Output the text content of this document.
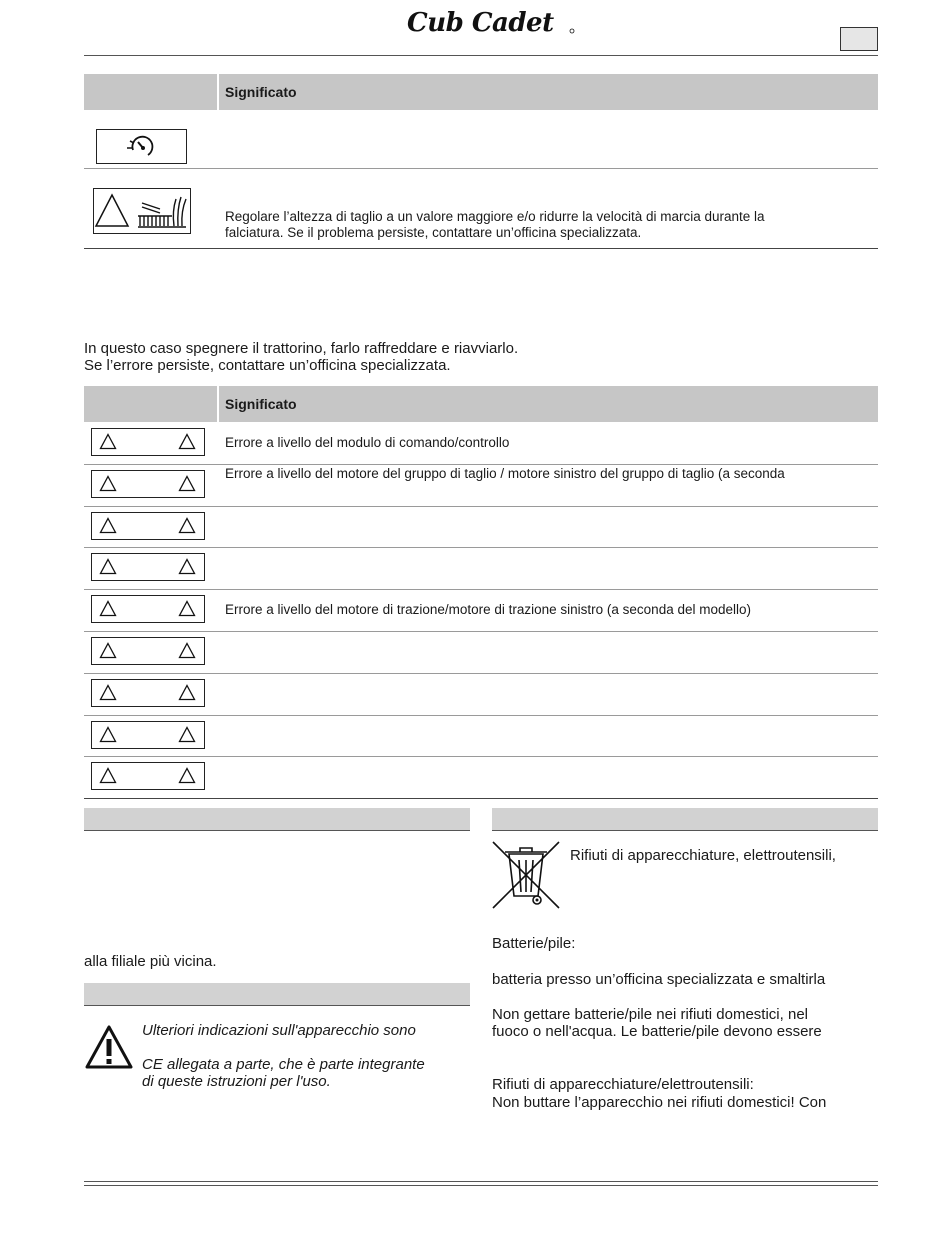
Cub Cadet
Significato
Regolare l’altezza di taglio a un valore maggiore e/o ridurre la velocità di marcia durante la
falciatura. Se il problema persiste, contattare un’officina specializzata.
In questo caso spegnere il trattorino, farlo raffreddare e riavviarlo.
Se l’errore persiste, contattare un’officina specializzata.
Significato
Errore a livello del modulo di comando/controllo
Errore a livello del motore del gruppo di taglio / motore sinistro del gruppo di taglio (a seconda
Errore a livello del motore di trazione/motore di trazione sinistro (a seconda del modello)
alla filiale più vicina.
Ulteriori indicazioni sull'apparecchio sono
CE allegata a parte, che è parte integrante
di queste istruzioni per l'uso.
Rifiuti di apparecchiature, elettroutensili,
Batterie/pile:
batteria presso un’officina specializzata e smaltirla
Non gettare batterie/pile nei rifiuti domestici, nel
fuoco o nell'acqua. Le batterie/pile devono essere
Rifiuti di apparecchiature/elettroutensili:
Non buttare l’apparecchio nei rifiuti domestici! Con
